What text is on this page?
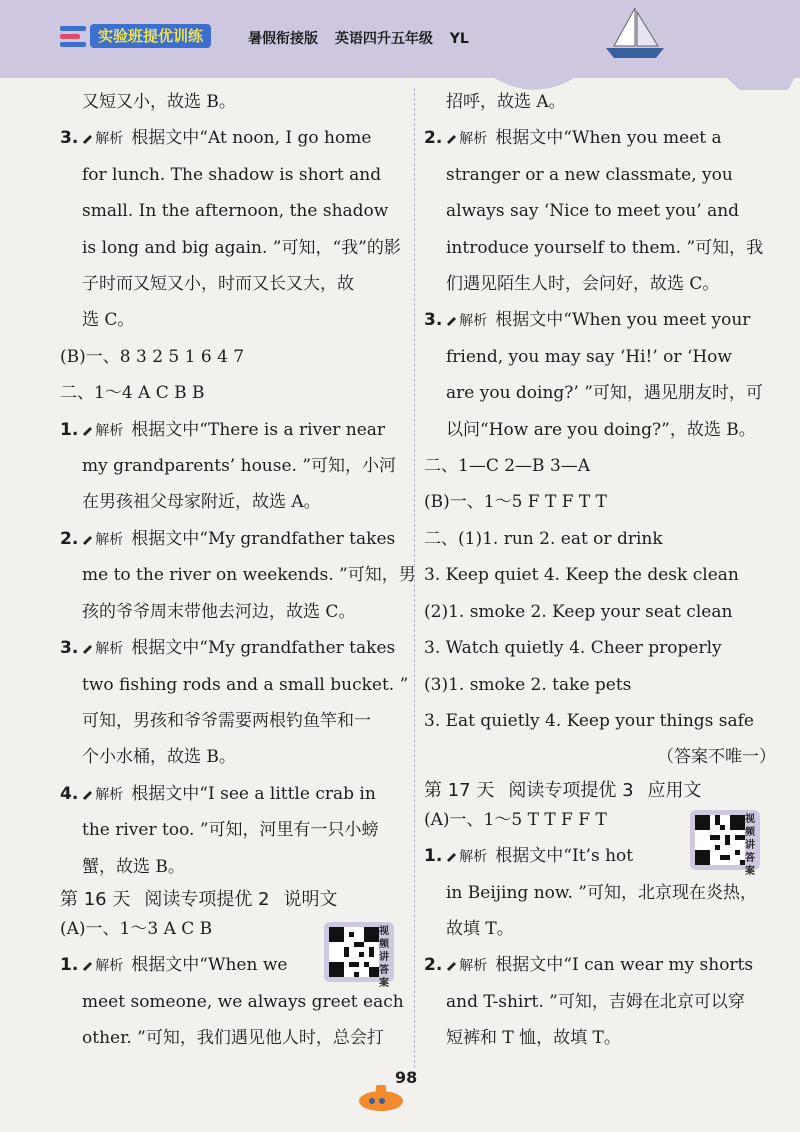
实验班提优训练	暑假衔接版 英语四升五年级 YL
又短又小，故选 B。
3. 解析 根据文中“At noon, I go home
for lunch. The shadow is short and
small. In the afternoon, the shadow
is long and big again. ”可知，“我”的影
子时而又短又小，时而又长又大，故
选 C。
(B)一、8 3 2 5 1 6 4 7
二、1～4 A C B B
1. 解析 根据文中“There is a river near
my grandparents’ house. ”可知，小河
在男孩祖父母家附近，故选 A。
2. 解析 根据文中“My grandfather takes
me to the river on weekends. ”可知，男
孩的爷爷周末带他去河边，故选 C。
3. 解析 根据文中“My grandfather takes
two fishing rods and a small bucket. ”
可知，男孩和爷爷需要两根钓鱼竿和一
个小水桶，故选 B。
4. 解析 根据文中“I see a little crab in
the river too. ”可知，河里有一只小螃
蟹，故选 B。
第 16 天 阅读专项提优 2 说明文
(A)一、1～3 A C B
1. 解析 根据文中“When we
meet someone, we always greet each
other. ”可知，我们遇见他人时，总会打
视频讲答案
招呼，故选 A。
2. 解析 根据文中“When you meet a
stranger or a new classmate, you
always say ‘Nice to meet you’ and
introduce yourself to them. ”可知，我
们遇见陌生人时，会问好，故选 C。
3. 解析 根据文中“When you meet your
friend, you may say ‘Hi!’ or ‘How
are you doing?’ ”可知，遇见朋友时，可
以问“How are you doing?”，故选 B。
二、1—C 2—B 3—A
(B)一、1～5 F T F T T
二、(1)1. run 2. eat or drink
3. Keep quiet 4. Keep the desk clean
(2)1. smoke 2. Keep your seat clean
3. Watch quietly 4. Cheer properly
(3)1. smoke 2. take pets
3. Eat quietly 4. Keep your things safe
（答案不唯一）
第 17 天 阅读专项提优 3 应用文
(A)一、1～5 T T F F T
1. 解析 根据文中“It’s hot
in Beijing now. ”可知，北京现在炎热，
故填 T。
2. 解析 根据文中“I can wear my shorts
and T-shirt. ”可知，吉姆在北京可以穿
短裤和 T 恤，故填 T。
视频讲答案
98
